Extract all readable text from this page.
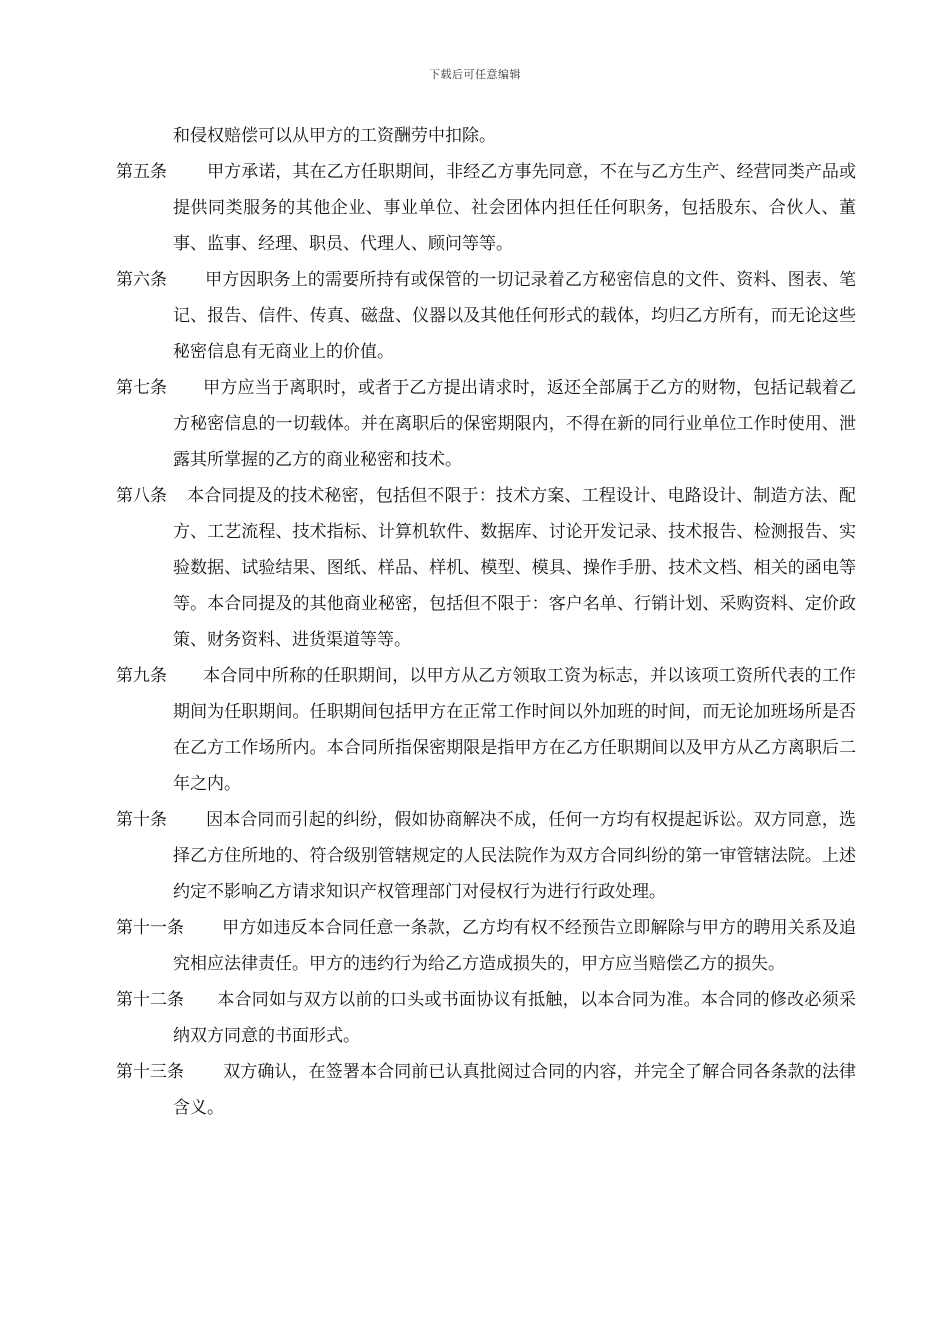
下载后可任意编辑

和侵权赔偿可以从甲方的工资酬劳中扣除。

第五条	甲方承诺，其在乙方任职期间，非经乙方事先同意，不在与乙方生产、经营同类产品或提供同类服务的其他企业、事业单位、社会团体内担任任何职务，包括股东、合伙人、董事、监事、经理、职员、代理人、顾问等等。
第六条	甲方因职务上的需要所持有或保管的一切记录着乙方秘密信息的文件、资料、图表、笔记、报告、信件、传真、磁盘、仪器以及其他任何形式的载体，均归乙方所有，而无论这些秘密信息有无商业上的价值。
第七条	甲方应当于离职时，或者于乙方提出请求时，返还全部属于乙方的财物，包括记载着乙方秘密信息的一切载体。并在离职后的保密期限内，不得在新的同行业单位工作时使用、泄露其所掌握的乙方的商业秘密和技术。
第八条	本合同提及的技术秘密，包括但不限于：技术方案、工程设计、电路设计、制造方法、配方、工艺流程、技术指标、计算机软件、数据库、讨论开发记录、技术报告、检测报告、实验数据、试验结果、图纸、样品、样机、模型、模具、操作手册、技术文档、相关的函电等等。本合同提及的其他商业秘密，包括但不限于：客户名单、行销计划、采购资料、定价政策、财务资料、进货渠道等等。
第九条	本合同中所称的任职期间，以甲方从乙方领取工资为标志，并以该项工资所代表的工作期间为任职期间。任职期间包括甲方在正常工作时间以外加班的时间，而无论加班场所是否在乙方工作场所内。本合同所指保密期限是指甲方在乙方任职期间以及甲方从乙方离职后二年之内。
第十条	因本合同而引起的纠纷，假如协商解决不成，任何一方均有权提起诉讼。双方同意，选择乙方住所地的、符合级别管辖规定的人民法院作为双方合同纠纷的第一审管辖法院。上述约定不影响乙方请求知识产权管理部门对侵权行为进行行政处理。
第十一条	甲方如违反本合同任意一条款，乙方均有权不经预告立即解除与甲方的聘用关系及追究相应法律责任。甲方的违约行为给乙方造成损失的，甲方应当赔偿乙方的损失。
第十二条	本合同如与双方以前的口头或书面协议有抵触，以本合同为准。本合同的修改必须采纳双方同意的书面形式。
第十三条	双方确认，在签署本合同前已认真批阅过合同的内容，并完全了解合同各条款的法律含义。
